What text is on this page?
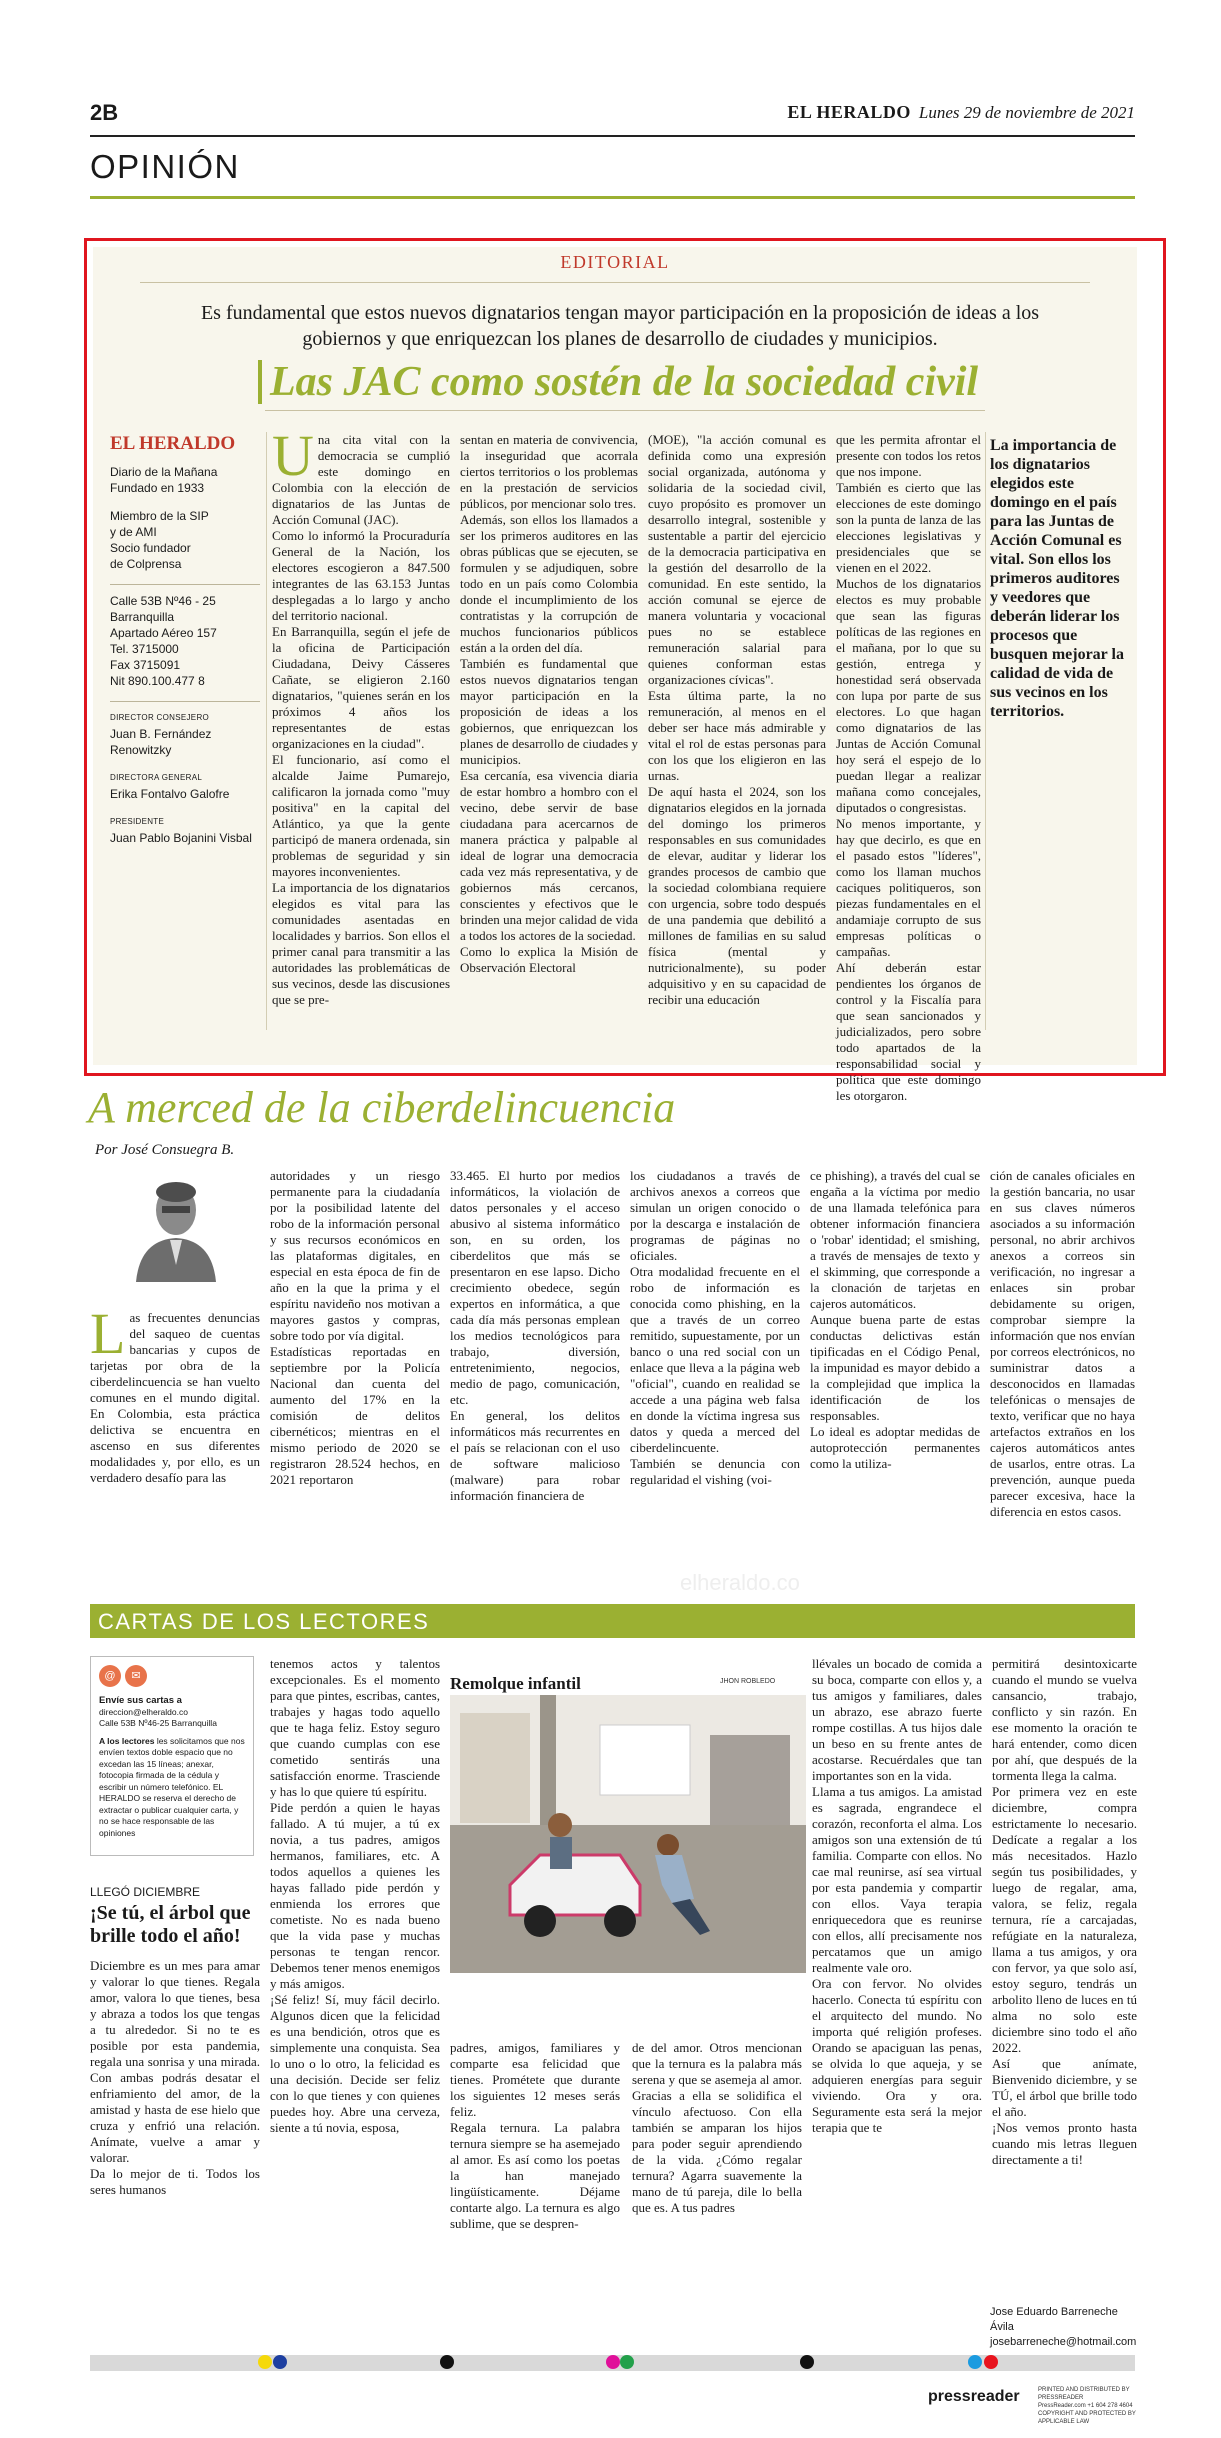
2B	EL HERALDO Lunes 29 de noviembre de 2021
OPINIÓN
EDITORIAL
Es fundamental que estos nuevos dignatarios tengan mayor participación en la proposición de ideas a los gobiernos y que enriquezcan los planes de desarrollo de ciudades y municipios.
Las JAC como sostén de la sociedad civil
EL HERALDO
Diario de la Mañana
Fundado en 1933
Miembro de la SIP
y de AMI
Socio fundador
de Colprensa
Calle 53B Nº46 - 25
Barranquilla
Apartado Aéreo 157
Tel. 3715000
Fax 3715091
Nit 890.100.477 8
DIRECTOR CONSEJERO
Juan B. Fernández Renowitzky
DIRECTORA GENERAL
Erika Fontalvo Galofre
PRESIDENTE
Juan Pablo Bojanini Visbal
Una cita vital con la democracia se cumplió este domingo en Colombia con la elección de dignatarios de las Juntas de Acción Comunal (JAC).
Como lo informó la Procuraduría General de la Nación, los electores escogieron a 847.500 integrantes de las 63.153 Juntas desplegadas a lo largo y ancho del territorio nacional.
En Barranquilla, según el jefe de la oficina de Participación Ciudadana, Deivy Cásseres Cañate, se eligieron 2.160 dignatarios, "quienes serán en los próximos 4 años los representantes de estas organizaciones en la ciudad".
El funcionario, así como el alcalde Jaime Pumarejo, calificaron la jornada como "muy positiva" en la capital del Atlántico, ya que la gente participó de manera ordenada, sin problemas de seguridad y sin mayores inconvenientes.
La importancia de los dignatarios elegidos es vital para las comunidades asentadas en localidades y barrios. Son ellos el primer canal para transmitir a las autoridades las problemáticas de sus vecinos, desde las discusiones que se pre-
sentan en materia de convivencia, la inseguridad que acorrala ciertos territorios o los problemas en la prestación de servicios públicos, por mencionar solo tres.
Además, son ellos los llamados a ser los primeros auditores en las obras públicas que se ejecuten, se formulen y se adjudiquen, sobre todo en un país como Colombia donde el incumplimiento de los contratistas y la corrupción de muchos funcionarios públicos están a la orden del día.
También es fundamental que estos nuevos dignatarios tengan mayor participación en la proposición de ideas a los gobiernos, que enriquezcan los planes de desarrollo de ciudades y municipios.
Esa cercanía, esa vivencia diaria de estar hombro a hombro con el vecino, debe servir de base ciudadana para acercarnos de manera práctica y palpable al ideal de lograr una democracia cada vez más representativa, y de gobiernos más cercanos, conscientes y efectivos que le brinden una mejor calidad de vida a todos los actores de la sociedad.
Como lo explica la Misión de Observación Electoral
(MOE), "la acción comunal es definida como una expresión social organizada, autónoma y solidaria de la sociedad civil, cuyo propósito es promover un desarrollo integral, sostenible y sustentable a partir del ejercicio de la democracia participativa en la gestión del desarrollo de la comunidad. En este sentido, la acción comunal se ejerce de manera voluntaria y vocacional pues no se establece remuneración salarial para quienes conforman estas organizaciones cívicas".
Esta última parte, la no remuneración, al menos en el deber ser hace más admirable y vital el rol de estas personas para con los que los eligieron en las urnas.
De aquí hasta el 2024, son los dignatarios elegidos en la jornada del domingo los primeros responsables en sus comunidades de elevar, auditar y liderar los grandes procesos de cambio que la sociedad colombiana requiere con urgencia, sobre todo después de una pandemia que debilitó a millones de familias en su salud física (mental y nutricionalmente), su poder adquisitivo y en su capacidad de recibir una educación
que les permita afrontar el presente con todos los retos que nos impone.
También es cierto que las elecciones de este domingo son la punta de lanza de las elecciones legislativas y presidenciales que se vienen en el 2022.
Muchos de los dignatarios electos es muy probable que sean las figuras políticas de las regiones en el mañana, por lo que su gestión, entrega y honestidad será observada con lupa por parte de sus electores. Lo que hagan como dignatarios de las Juntas de Acción Comunal hoy será el espejo de lo puedan llegar a realizar mañana como concejales, diputados o congresistas.
No menos importante, y hay que decirlo, es que en el pasado estos "líderes", como los llaman muchos caciques politiqueros, son piezas fundamentales en el andamiaje corrupto de sus empresas políticas o campañas.
Ahí deberán estar pendientes los órganos de control y la Fiscalía para que sean sancionados y judicializados, pero sobre todo apartados de la responsabilidad social y política que este domingo les otorgaron.
La importancia de los dignatarios elegidos este domingo en el país para las Juntas de Acción Comunal es vital. Son ellos los primeros auditores y veedores que deberán liderar los procesos que busquen mejorar la calidad de vida de sus vecinos en los territorios.
A merced de la ciberdelincuencia
Por José Consuegra B.
Las frecuentes denuncias del saqueo de cuentas bancarias y cupos de tarjetas por obra de la ciberdelincuencia se han vuelto comunes en el mundo digital. En Colombia, esta práctica delictiva se encuentra en ascenso en sus diferentes modalidades y, por ello, es un verdadero desafío para las
autoridades y un riesgo permanente para la ciudadanía por la posibilidad latente del robo de la información personal y sus recursos económicos en las plataformas digitales, en especial en esta época de fin de año en la que la prima y el espíritu navideño nos motivan a mayores gastos y compras, sobre todo por vía digital.
Estadísticas reportadas en septiembre por la Policía Nacional dan cuenta del aumento del 17% en la comisión de delitos cibernéticos; mientras en el mismo periodo de 2020 se registraron 28.524 hechos, en 2021 reportaron
33.465. El hurto por medios informáticos, la violación de datos personales y el acceso abusivo al sistema informático son, en su orden, los ciberdelitos que más se presentaron en ese lapso. Dicho crecimiento obedece, según expertos en informática, a que cada día más personas emplean los medios tecnológicos para trabajo, diversión, entretenimiento, negocios, medio de pago, comunicación, etc.
En general, los delitos informáticos más recurrentes en el país se relacionan con el uso de software malicioso (malware) para robar información financiera de
los ciudadanos a través de archivos anexos a correos que simulan un origen conocido o por la descarga e instalación de programas de páginas no oficiales.
Otra modalidad frecuente en el robo de información es conocida como phishing, en la que a través de un correo remitido, supuestamente, por un banco o una red social con un enlace que lleva a la página web "oficial", cuando en realidad se accede a una página web falsa en donde la víctima ingresa sus datos y queda a merced del ciberdelincuente.
También se denuncia con regularidad el vishing (voi-
ce phishing), a través del cual se engaña a la víctima por medio de una llamada telefónica para obtener información financiera o 'robar' identidad; el smishing, a través de mensajes de texto y el skimming, que corresponde a la clonación de tarjetas en cajeros automáticos.
Aunque buena parte de estas conductas delictivas están tipificadas en el Código Penal, la impunidad es mayor debido a la complejidad que implica la identificación de los responsables.
Lo ideal es adoptar medidas de autoprotección permanentes como la utiliza-
ción de canales oficiales en la gestión bancaria, no usar en sus claves números asociados a su información personal, no abrir archivos anexos a correos sin verificación, no ingresar a enlaces sin probar debidamente su origen, comprobar siempre la información que nos envían por correos electrónicos, no suministrar datos a desconocidos en llamadas telefónicas o mensajes de texto, verificar que no haya artefactos extraños en los cajeros automáticos antes de usarlos, entre otras. La prevención, aunque pueda parecer excesiva, hace la diferencia en estos casos.
elheraldo.co
CARTAS DE LOS LECTORES
@	✉
Envíe sus cartas a
direccion@elheraldo.co
Calle 53B Nº46-25 Barranquilla
A los lectores les solicitamos que nos envíen textos doble espacio que no excedan las 15 líneas; anexar, fotocopia firmada de la cédula y escribir un número telefónico. EL HERALDO se reserva el derecho de extractar o publicar cualquier carta, y no se hace responsable de las opiniones
LLEGÓ DICIEMBRE
¡Se tú, el árbol que brille todo el año!
Diciembre es un mes para amar y valorar lo que tienes. Regala amor, valora lo que tienes, besa y abraza a todos los que tengas a tu alrededor. Si no te es posible por esta pandemia, regala una sonrisa y una mirada. Con ambas podrás desatar el enfriamiento del amor, de la amistad y hasta de ese hielo que cruza y enfrió una relación. Anímate, vuelve a amar y valorar.
Da lo mejor de ti. Todos los seres humanos
tenemos actos y talentos excepcionales. Es el momento para que pintes, escribas, cantes, trabajes y hagas todo aquello que te haga feliz. Estoy seguro que cuando cumplas con ese cometido sentirás una satisfacción enorme. Trasciende y has lo que quiere tú espíritu.
Pide perdón a quien le hayas fallado. A tú mujer, a tú ex novia, a tus padres, amigos hermanos, familiares, etc. A todos aquellos a quienes les hayas fallado pide perdón y enmienda los errores que cometiste. No es nada bueno que la vida pase y muchas personas te tengan rencor. Debemos tener menos enemigos y más amigos.
¡Sé feliz! Sí, muy fácil decirlo. Algunos dicen que la felicidad es una bendición, otros que es simplemente una conquista. Sea lo uno o lo otro, la felicidad es una decisión. Decide ser feliz con lo que tienes y con quienes puedes hoy. Abre una cerveza, siente a tú novia, esposa,
Remolque infantil
padres, amigos, familiares y comparte esa felicidad que tienes. Prométete que durante los siguientes 12 meses serás feliz.
Regala ternura. La palabra ternura siempre se ha asemejado al amor. Es así como los poetas la han manejado lingüísticamente. Déjame contarte algo. La ternura es algo sublime, que se despren-
de del amor. Otros mencionan que la ternura es la palabra más serena y que se asemeja al amor. Gracias a ella se solidifica el vínculo afectuoso. Con ella también se amparan los hijos para poder seguir aprendiendo de la vida. ¿Cómo regalar ternura? Agarra suavemente la mano de tú pareja, dile lo bella que es. A tus padres
JHON ROBLEDO
llévales un bocado de comida a su boca, comparte con ellos y, a tus amigos y familiares, dales un abrazo, ese abrazo fuerte rompe costillas. A tus hijos dale un beso en su frente antes de acostarse. Recuérdales que tan importantes son en la vida.
Llama a tus amigos. La amistad es sagrada, engrandece el corazón, reconforta el alma. Los amigos son una extensión de tú familia. Comparte con ellos. No cae mal reunirse, así sea virtual por esta pandemia y compartir con ellos. Vaya terapia enriquecedora que es reunirse con ellos, allí precisamente nos percatamos que un amigo realmente vale oro.
Ora con fervor. No olvides hacerlo. Conecta tú espíritu con el arquitecto del mundo. No importa qué religión profeses. Orando se apaciguan las penas, se olvida lo que aqueja, y se adquieren energías para seguir viviendo. Ora y ora. Seguramente esta será la mejor terapia que te
permitirá desintoxicarte cuando el mundo se vuelva cansancio, trabajo, conflicto y sin razón. En ese momento la oración te hará entender, como dicen por ahí, que después de la tormenta llega la calma.
Por primera vez en este diciembre, compra estrictamente lo necesario. Dedícate a regalar a los más necesitados. Hazlo según tus posibilidades, y luego de regalar, ama, valora, se feliz, regala ternura, ríe a carcajadas, refúgiate en la naturaleza, llama a tus amigos, y ora con fervor, ya que solo así, estoy seguro, tendrás un arbolito lleno de luces en tú alma no solo este diciembre sino todo el año 2022.
Así que anímate, Bienvenido diciembre, y se TÚ, el árbol que brille todo el año.
¡Nos vemos pronto hasta cuando mis letras lleguen directamente a ti!
Jose Eduardo Barreneche Ávila
josebarreneche@hotmail.com
pressreader	PRINTED AND DISTRIBUTED BY PRESSREADER
PressReader.com +1 604 278 4604
COPYRIGHT AND PROTECTED BY APPLICABLE LAW
